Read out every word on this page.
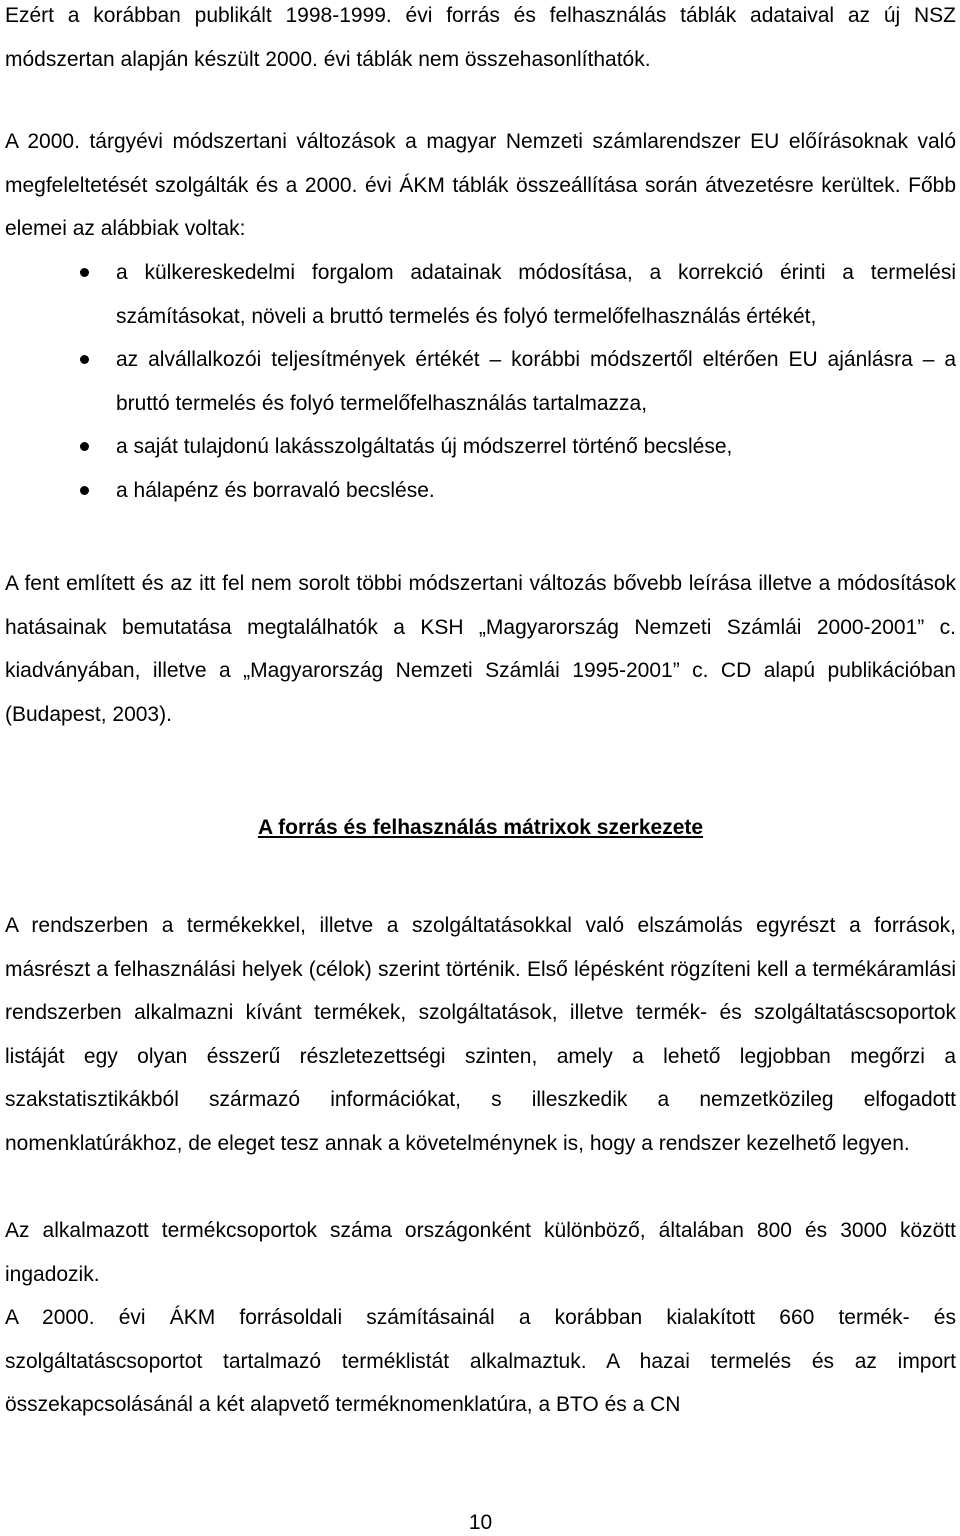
Ezért a korábban publikált 1998-1999. évi forrás és felhasználás táblák adataival az új NSZ módszertan alapján készült 2000. évi táblák nem összehasonlíthatók.

A 2000. tárgyévi módszertani változások a magyar Nemzeti számlarendszer EU előírásoknak való megfeleltetését szolgálták és a 2000. évi ÁKM táblák összeállítása során átvezetésre kerültek. Főbb elemei az alábbiak voltak:

a külkereskedelmi forgalom adatainak módosítása, a korrekció érinti a termelési számításokat, növeli a bruttó termelés és folyó termelőfelhasználás értékét,
az alvállalkozói teljesítmények értékét – korábbi módszertől eltérően EU ajánlásra – a bruttó termelés és folyó termelőfelhasználás tartalmazza,
a saját tulajdonú lakásszolgáltatás új módszerrel történő becslése,
a hálapénz és borravaló becslése.

A fent említett és az itt fel nem sorolt többi módszertani változás bővebb leírása illetve a módosítások hatásainak bemutatása megtalálhatók a KSH „Magyarország Nemzeti Számlái 2000-2001” c. kiadványában, illetve a „Magyarország Nemzeti Számlái 1995-2001” c. CD alapú publikációban (Budapest, 2003).

A forrás és felhasználás mátrixok szerkezete

A rendszerben a termékekkel, illetve a szolgáltatásokkal való elszámolás egyrészt a források, másrészt a felhasználási helyek (célok) szerint történik. Első lépésként rögzíteni kell a termékáramlási rendszerben alkalmazni kívánt termékek, szolgáltatások, illetve termék- és szolgáltatáscsoportok listáját egy olyan ésszerű részletezettségi szinten, amely a lehető legjobban megőrzi a szakstatisztikákból származó információkat, s illeszkedik a nemzetközileg elfogadott nomenklatúrákhoz, de eleget tesz annak a követelménynek is, hogy a rendszer kezelhető legyen.

Az alkalmazott termékcsoportok száma országonként különböző, általában 800 és 3000 között ingadozik.

A 2000. évi ÁKM forrásoldali számításainál a korábban kialakított 660 termék- és szolgáltatáscsoportot tartalmazó terméklistát alkalmaztuk. A hazai termelés és az import összekapcsolásánál a két alapvető terméknomenklatúra, a BTO és a CN

10
